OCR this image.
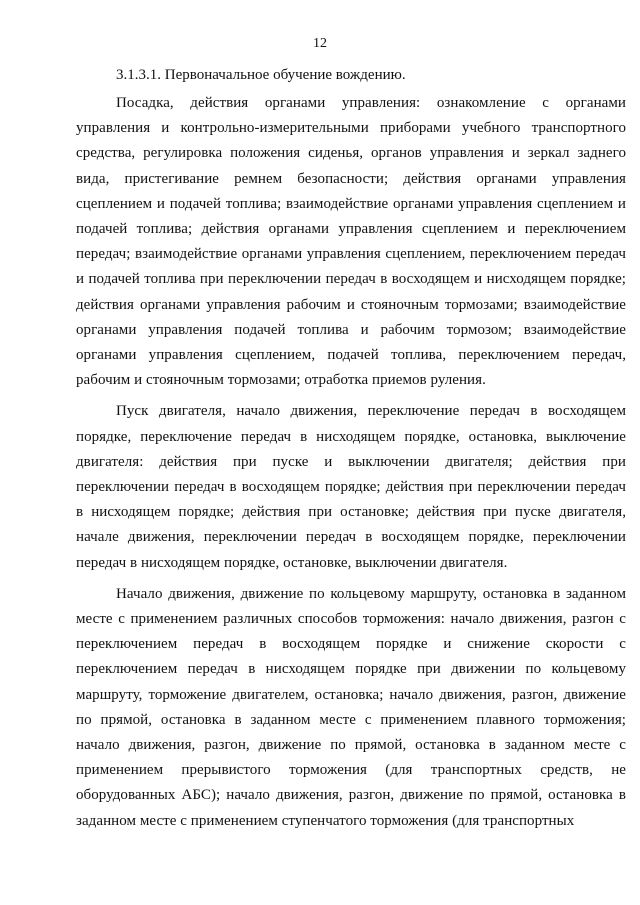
12

3.1.3.1. Первоначальное обучение вождению.

Посадка, действия органами управления: ознакомление с органами управления и контрольно-измерительными приборами учебного транспортного средства, регулировка положения сиденья, органов управления и зеркал заднего вида, пристегивание ремнем безопасности; действия органами управления сцеплением и подачей топлива; взаимодействие органами управления сцеплением и подачей топлива; действия органами управления сцеплением и переключением передач; взаимодействие органами управления сцеплением, переключением передач и подачей топлива при переключении передач в восходящем и нисходящем порядке; действия органами управления рабочим и стояночным тормозами; взаимодействие органами управления подачей топлива и рабочим тормозом; взаимодействие органами управления сцеплением, подачей топлива, переключением передач, рабочим и стояночным тормозами; отработка приемов руления.

Пуск двигателя, начало движения, переключение передач в восходящем порядке, переключение передач в нисходящем порядке, остановка, выключение двигателя: действия при пуске и выключении двигателя; действия при переключении передач в восходящем порядке; действия при переключении передач в нисходящем порядке; действия при остановке; действия при пуске двигателя, начале движения, переключении передач в восходящем порядке, переключении передач в нисходящем порядке, остановке, выключении двигателя.

Начало движения, движение по кольцевому маршруту, остановка в заданном месте с применением различных способов торможения: начало движения, разгон с переключением передач в восходящем порядке и снижение скорости с переключением передач в нисходящем порядке при движении по кольцевому маршруту, торможение двигателем, остановка; начало движения, разгон, движение по прямой, остановка в заданном месте с применением плавного торможения; начало движения, разгон, движение по прямой, остановка в заданном месте с применением прерывистого торможения (для транспортных средств, не оборудованных АБС); начало движения, разгон, движение по прямой, остановка в заданном месте с применением ступенчатого торможения (для транспортных
